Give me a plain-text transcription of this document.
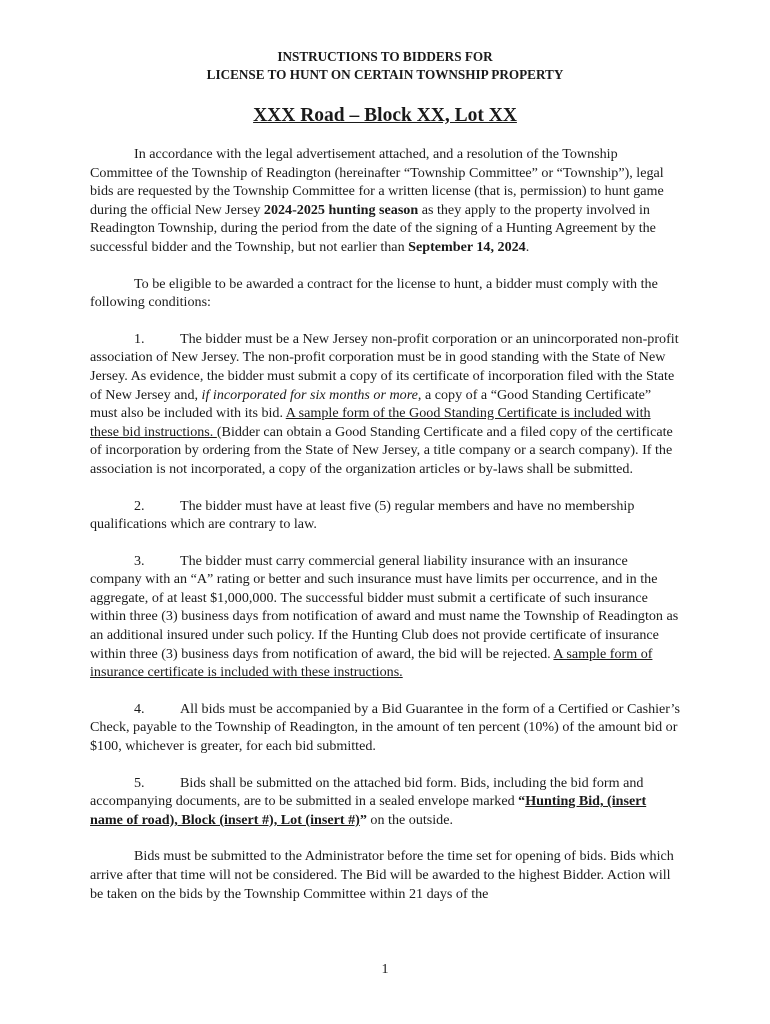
INSTRUCTIONS TO BIDDERS FOR
LICENSE TO HUNT ON CERTAIN TOWNSHIP PROPERTY
XXX Road – Block XX, Lot XX

In accordance with the legal advertisement attached, and a resolution of the Township Committee of the Township of Readington (hereinafter “Township Committee” or “Township”), legal bids are requested by the Township Committee for a written license (that is, permission) to hunt game during the official New Jersey 2024-2025 hunting season as they apply to the property involved in Readington Township, during the period from the date of the signing of a Hunting Agreement by the successful bidder and the Township, but not earlier than September 14, 2024.

To be eligible to be awarded a contract for the license to hunt, a bidder must comply with the following conditions:

1.	The bidder must be a New Jersey non-profit corporation or an unincorporated non-profit association of New Jersey. The non-profit corporation must be in good standing with the State of New Jersey. As evidence, the bidder must submit a copy of its certificate of incorporation filed with the State of New Jersey and, if incorporated for six months or more, a copy of a “Good Standing Certificate” must also be included with its bid. A sample form of the Good Standing Certificate is included with these bid instructions. (Bidder can obtain a Good Standing Certificate and a filed copy of the certificate of incorporation by ordering from the State of New Jersey, a title company or a search company). If the association is not incorporated, a copy of the organization articles or by-laws shall be submitted.

2.	The bidder must have at least five (5) regular members and have no membership qualifications which are contrary to law.

3.	The bidder must carry commercial general liability insurance with an insurance company with an “A” rating or better and such insurance must have limits per occurrence, and in the aggregate, of at least $1,000,000. The successful bidder must submit a certificate of such insurance within three (3) business days from notification of award and must name the Township of Readington as an additional insured under such policy. If the Hunting Club does not provide certificate of insurance within three (3) business days from notification of award, the bid will be rejected. A sample form of insurance certificate is included with these instructions.

4.	All bids must be accompanied by a Bid Guarantee in the form of a Certified or Cashier’s Check, payable to the Township of Readington, in the amount of ten percent (10%) of the amount bid or $100, whichever is greater, for each bid submitted.

5.	Bids shall be submitted on the attached bid form. Bids, including the bid form and accompanying documents, are to be submitted in a sealed envelope marked “Hunting Bid, (insert name of road), Block (insert #), Lot (insert #)” on the outside.

Bids must be submitted to the Administrator before the time set for opening of bids. Bids which arrive after that time will not be considered. The Bid will be awarded to the highest Bidder. Action will be taken on the bids by the Township Committee within 21 days of the

1
